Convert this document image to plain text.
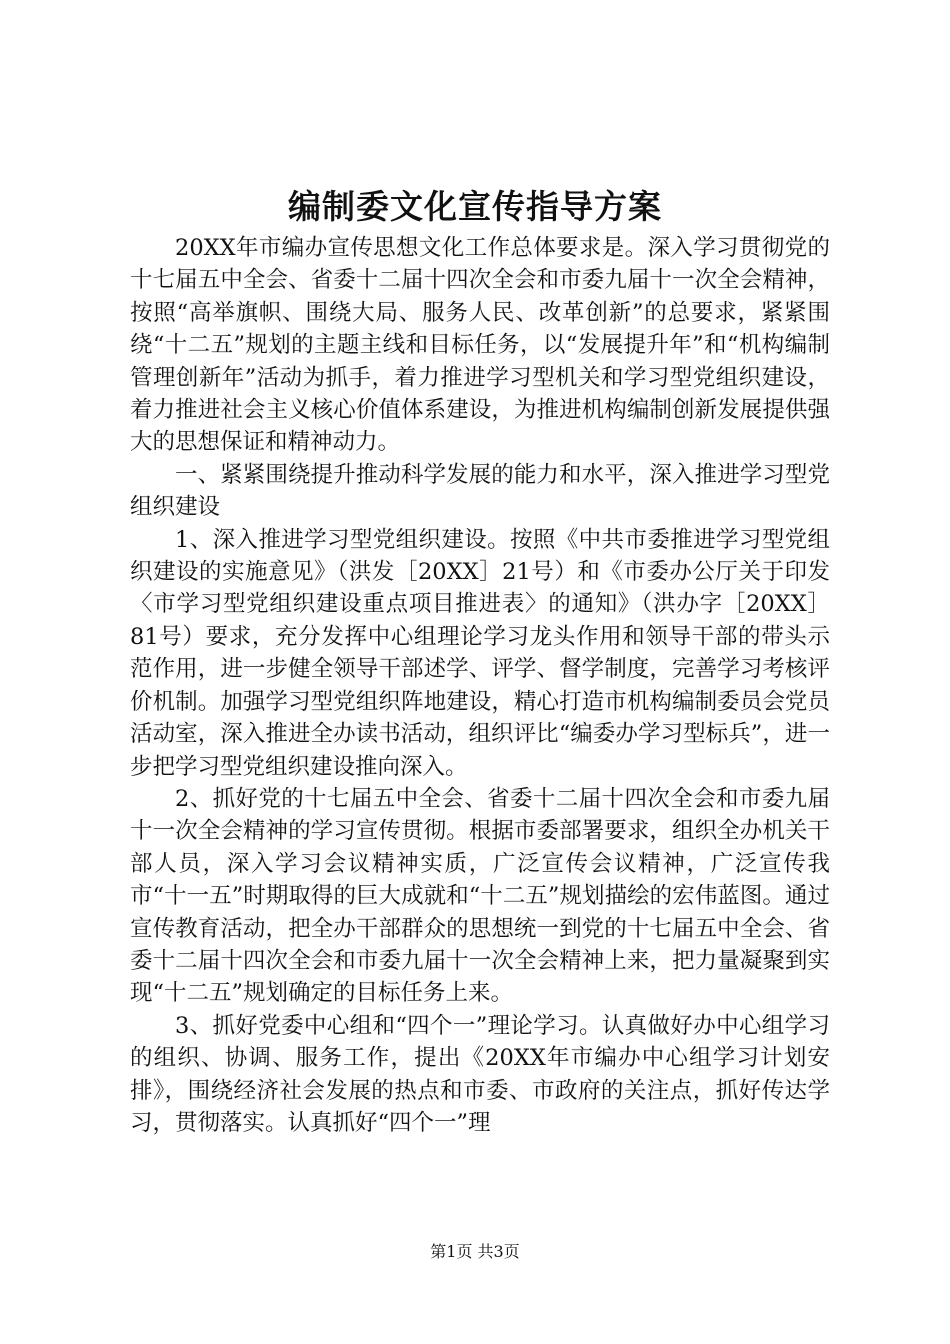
编制委文化宣传指导方案

20XX年市编办宣传思想文化工作总体要求是。深入学习贯彻党的十七届五中全会、省委十二届十四次全会和市委九届十一次全会精神，按照“高举旗帜、围绕大局、服务人民、改革创新”的总要求，紧紧围绕“十二五”规划的主题主线和目标任务，以“发展提升年”和“机构编制管理创新年”活动为抓手，着力推进学习型机关和学习型党组织建设，着力推进社会主义核心价值体系建设，为推进机构编制创新发展提供强大的思想保证和精神动力。

一、紧紧围绕提升推动科学发展的能力和水平，深入推进学习型党组织建设

1、深入推进学习型党组织建设。按照《中共市委推进学习型党组织建设的实施意见》（洪发［20XX］21号）和《市委办公厅关于印发〈市学习型党组织建设重点项目推进表〉的通知》（洪办字［20XX］81号）要求，充分发挥中心组理论学习龙头作用和领导干部的带头示范作用，进一步健全领导干部述学、评学、督学制度，完善学习考核评价机制。加强学习型党组织阵地建设，精心打造市机构编制委员会党员活动室，深入推进全办读书活动，组织评比“编委办学习型标兵”，进一步把学习型党组织建设推向深入。

2、抓好党的十七届五中全会、省委十二届十四次全会和市委九届十一次全会精神的学习宣传贯彻。根据市委部署要求，组织全办机关干部人员，深入学习会议精神实质，广泛宣传会议精神，广泛宣传我市“十一五”时期取得的巨大成就和“十二五”规划描绘的宏伟蓝图。通过宣传教育活动，把全办干部群众的思想统一到党的十七届五中全会、省委十二届十四次全会和市委九届十一次全会精神上来，把力量凝聚到实现“十二五”规划确定的目标任务上来。

3、抓好党委中心组和“四个一”理论学习。认真做好办中心组学习的组织、协调、服务工作，提出《20XX年市编办中心组学习计划安排》，围绕经济社会发展的热点和市委、市政府的关注点，抓好传达学习，贯彻落实。认真抓好“四个一”理

第1页 共3页
